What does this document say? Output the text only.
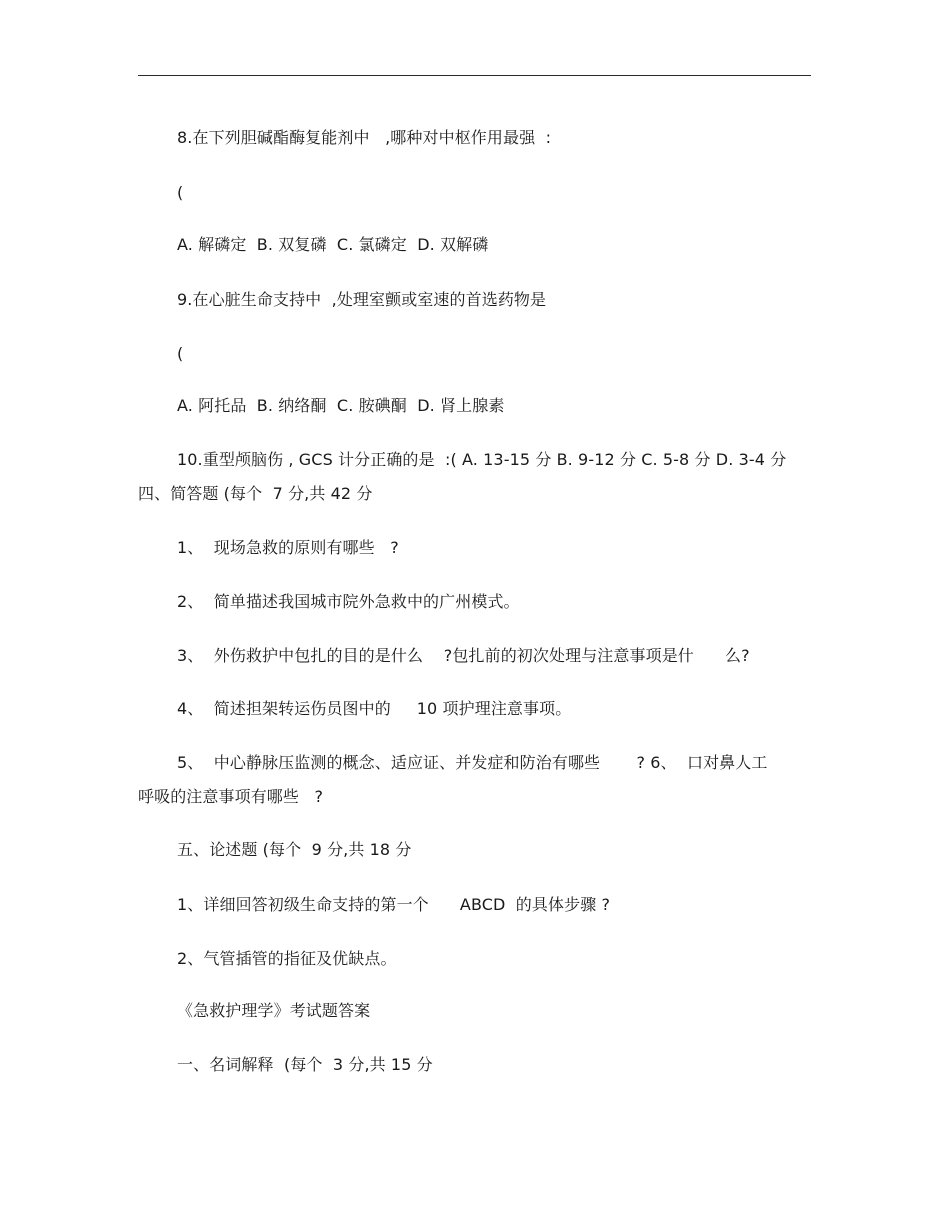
8.在下列胆碱酯酶复能剂中   ,哪种对中枢作用最强  :
(
A. 解磷定  B. 双复磷  C. 氯磷定  D. 双解磷
9.在心脏生命支持中  ,处理室颤或室速的首选药物是
(
A. 阿托品  B. 纳络酮  C. 胺碘酮  D. 肾上腺素
10.重型颅脑伤 , GCS 计分正确的是  :( A. 13-15 分 B. 9-12 分 C. 5-8 分 D. 3-4 分
四、简答题 (每个  7 分,共 42 分
1、  现场急救的原则有哪些   ?
2、  简单描述我国城市院外急救中的广州模式。
3、  外伤救护中包扎的目的是什么    ?包扎前的初次处理与注意事项是什      么?
4、  简述担架转运伤员图中的     10 项护理注意事项。
5、  中心静脉压监测的概念、适应证、并发症和防治有哪些       ? 6、  口对鼻人工
呼吸的注意事项有哪些   ?
五、论述题 (每个  9 分,共 18 分
1、详细回答初级生命支持的第一个      ABCD  的具体步骤 ?
2、气管插管的指征及优缺点。
《急救护理学》考试题答案
一、名词解释  (每个  3 分,共 15 分
